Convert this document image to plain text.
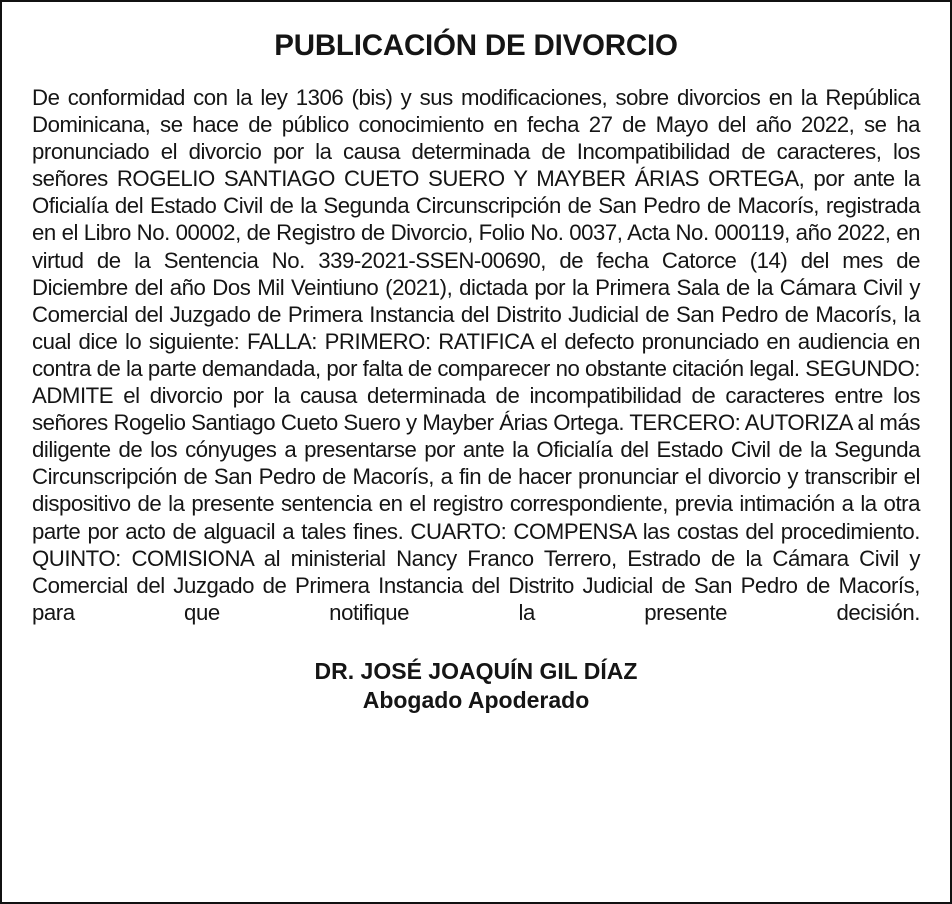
PUBLICACIÓN DE DIVORCIO

De conformidad con la ley 1306 (bis) y sus modificaciones, sobre divorcios en la República Dominicana, se hace de público conocimiento en fecha 27 de Mayo del año 2022, se ha pronunciado el divorcio por la causa determinada de Incompatibilidad de caracteres, los señores ROGELIO SANTIAGO CUETO SUERO Y MAYBER ÁRIAS ORTEGA, por ante la Oficialía del Estado Civil de la Segunda Circunscripción de San Pedro de Macorís, registrada en el Libro No. 00002, de Registro de Divorcio, Folio No. 0037, Acta No. 000119, año 2022, en virtud de la Sentencia No. 339-2021-SSEN-00690, de fecha Catorce (14) del mes de Diciembre del año Dos Mil Veintiuno (2021), dictada por la Primera Sala de la Cámara Civil y Comercial del Juzgado de Primera Instancia del Distrito Judicial de San Pedro de Macorís, la cual dice lo siguiente: FALLA: PRIMERO: RATIFICA el defecto pronunciado en audiencia en contra de la parte demandada, por falta de comparecer no obstante citación legal. SEGUNDO: ADMITE el divorcio por la causa determinada de incompatibilidad de caracteres entre los señores Rogelio Santiago Cueto Suero y Mayber Árias Ortega. TERCERO: AUTORIZA al más diligente de los cónyuges a presentarse por ante la Oficialía del Estado Civil de la Segunda Circunscripción de San Pedro de Macorís, a fin de hacer pronunciar el divorcio y transcribir el dispositivo de la presente sentencia en el registro correspondiente, previa intimación a la otra parte por acto de alguacil a tales fines. CUARTO: COMPENSA las costas del procedimiento. QUINTO: COMISIONA al ministerial Nancy Franco Terrero, Estrado de la Cámara Civil y Comercial del Juzgado de Primera Instancia del Distrito Judicial de San Pedro de Macorís, para que notifique la presente decisión.

DR. JOSÉ JOAQUÍN GIL DÍAZ
Abogado Apoderado
